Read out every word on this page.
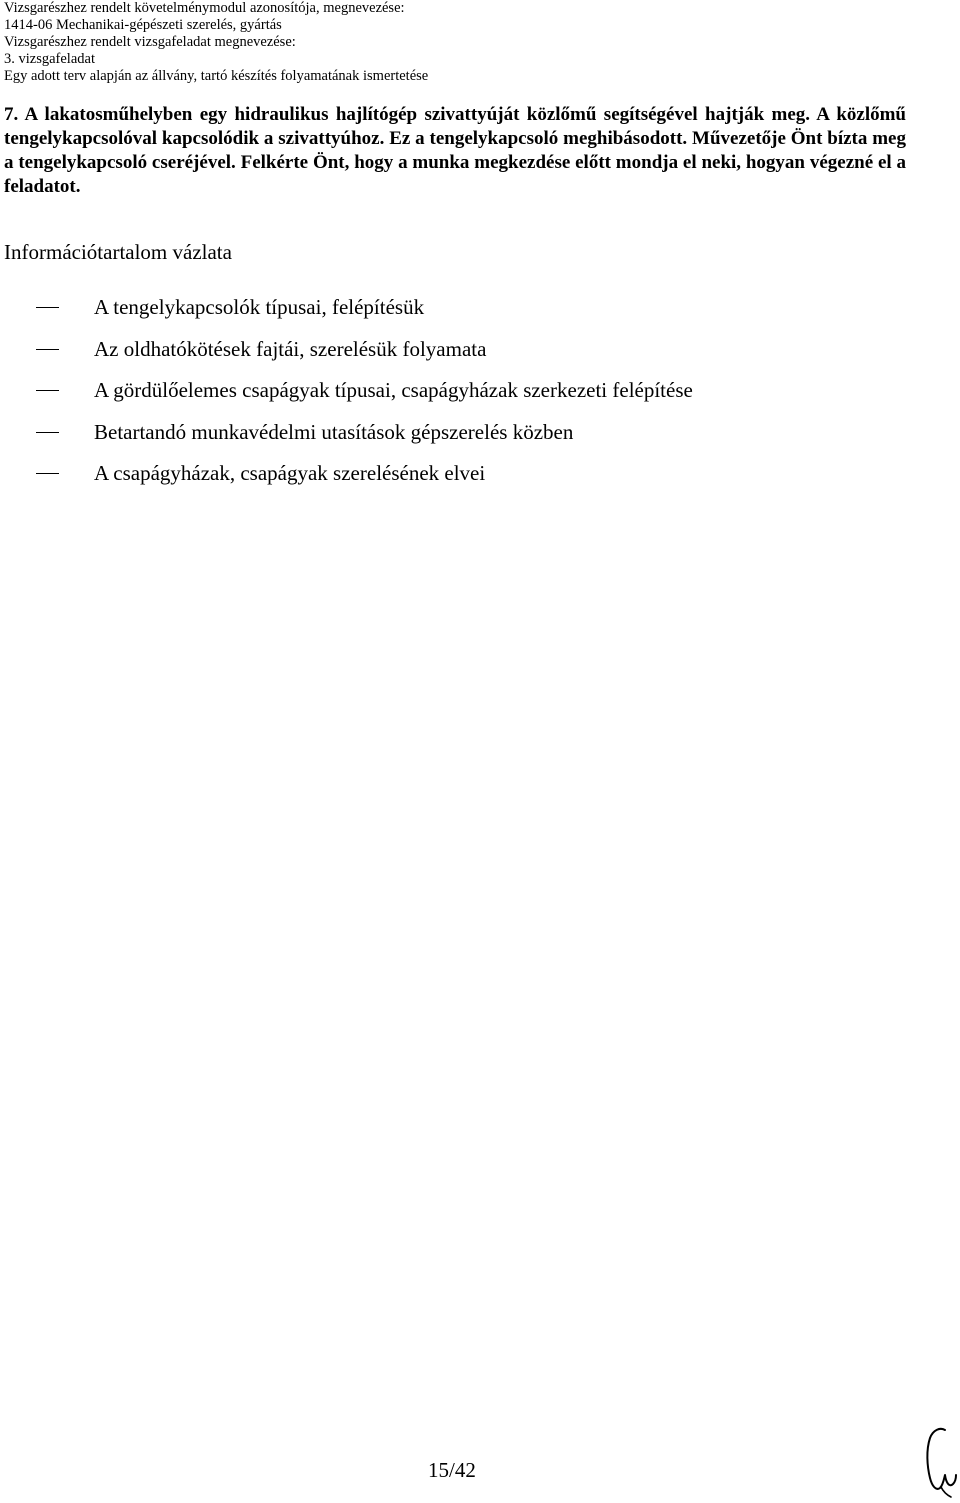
Vizsgarészhez rendelt követelménymodul azonosítója, megnevezése:
1414-06 Mechanikai-gépészeti szerelés, gyártás
Vizsgarészhez rendelt vizsgafeladat megnevezése:
3. vizsgafeladat
Egy adott terv alapján az állvány, tartó készítés folyamatának ismertetése
7. A lakatosműhelyben egy hidraulikus hajlítógép szivattyúját közlőmű segítségével hajtják meg. A közlőmű tengelykapcsolóval kapcsolódik a szivattyúhoz. Ez a tengelykapcsoló meghibásodott. Művezetője Önt bízta meg a tengelykapcsoló cseréjével. Felkérte Önt, hogy a munka megkezdése előtt mondja el neki, hogyan végezné el a feladatot.
Információtartalom vázlata
A tengelykapcsolók típusai, felépítésük
Az oldhatókötések fajtái, szerelésük folyamata
A gördülőelemes csapágyak típusai, csapágyházak szerkezeti felépítése
Betartandó munkavédelmi utasítások gépszerelés közben
A csapágyházak, csapágyak szerelésének elvei
15/42
